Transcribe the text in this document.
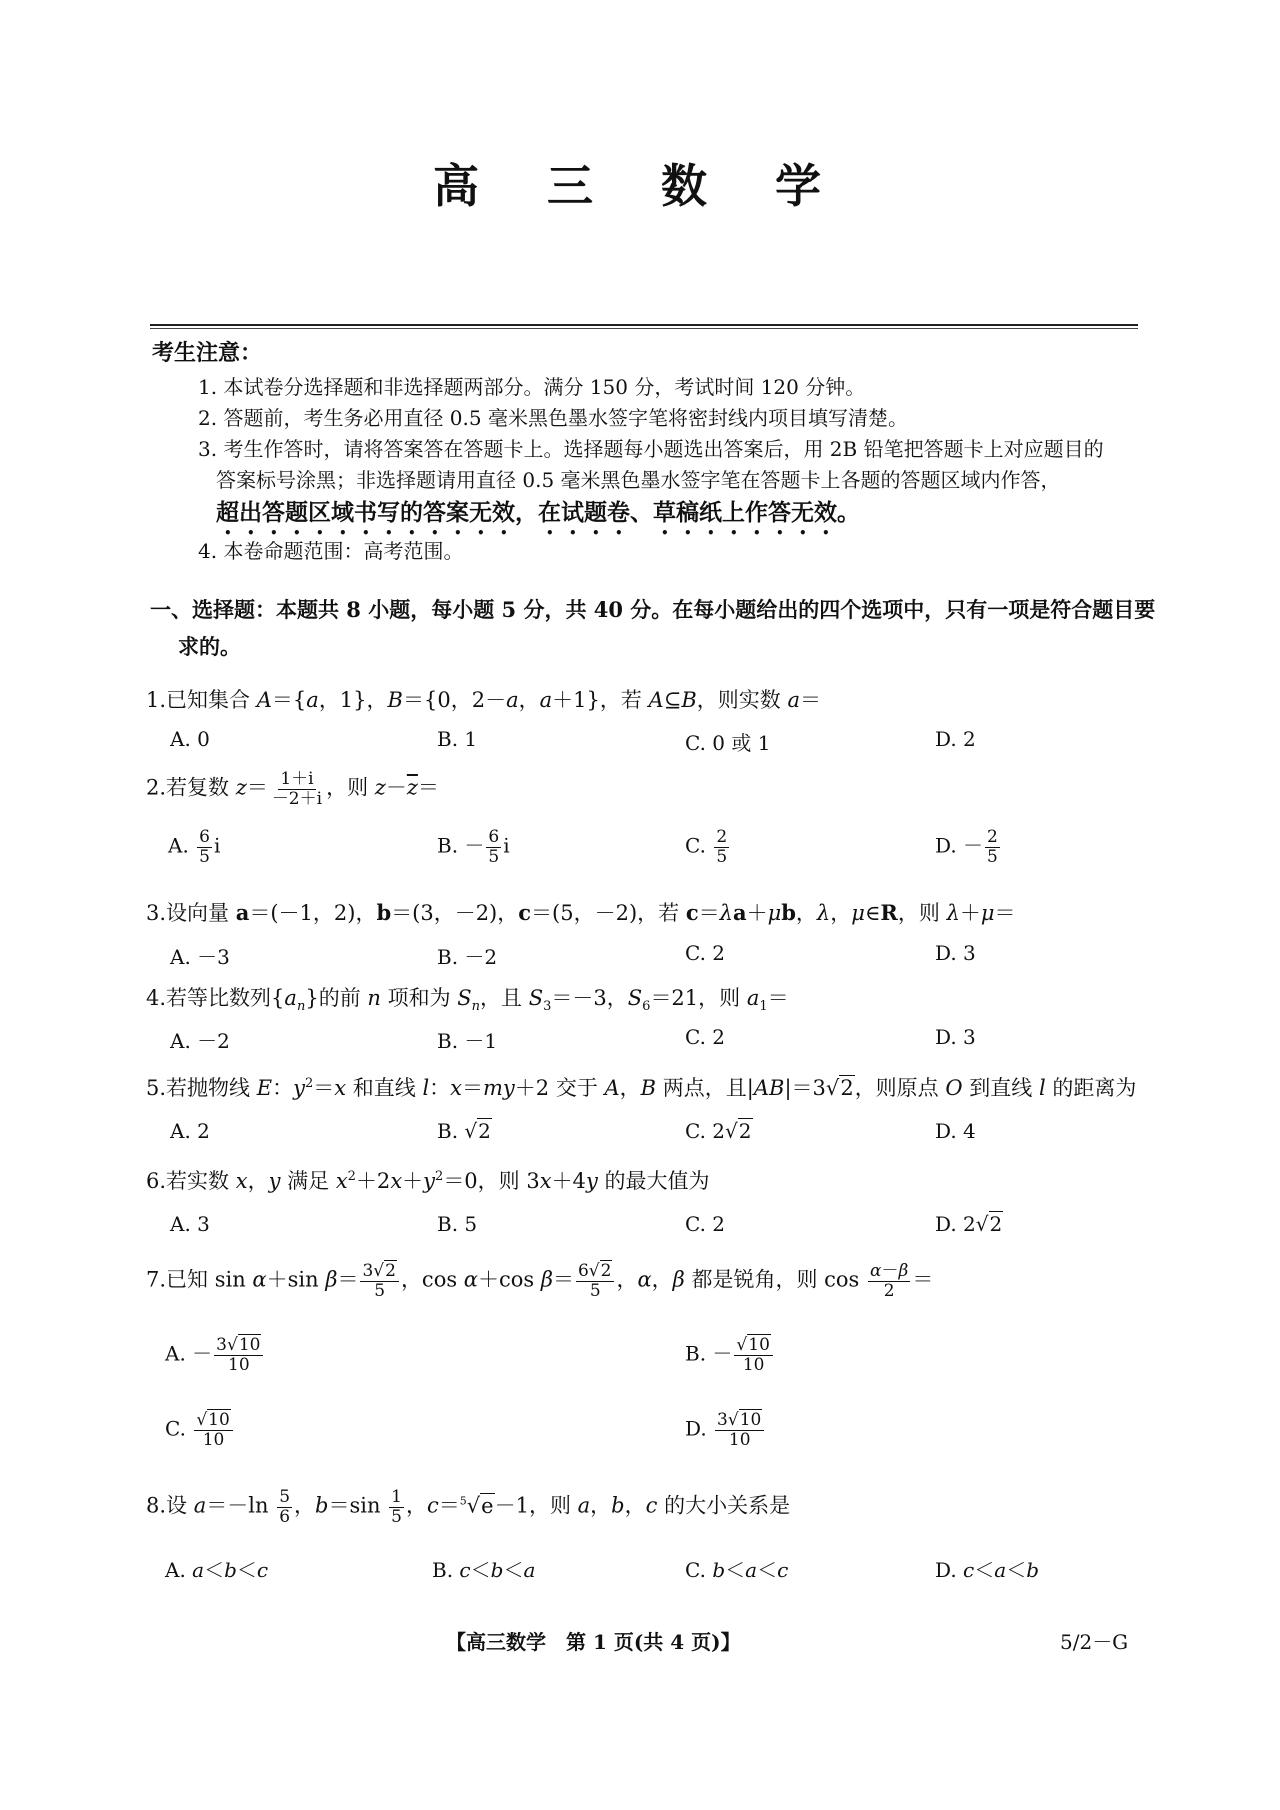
高 三 数 学
考生注意：
1. 本试卷分选择题和非选择题两部分。满分 150 分，考试时间 120 分钟。
2. 答题前，考生务必用直径 0.5 毫米黑色墨水签字笔将密封线内项目填写清楚。
3. 考生作答时，请将答案答在答题卡上。选择题每小题选出答案后，用 2B 铅笔把答题卡上对应题目的
答案标号涂黑；非选择题请用直径 0.5 毫米黑色墨水签字笔在答题卡上各题的答题区域内作答，
超出答题区域书写的答案无效，在试题卷、草稿纸上作答无效。
4. 本卷命题范围：高考范围。
一、选择题：本题共 8 小题，每小题 5 分，共 40 分。在每小题给出的四个选项中，只有一项是符合题目要
求的。
1.已知集合 A＝{a，1}，B＝{0，2－a，a＋1}，若 A⊆B，则实数 a＝
A. 0	B. 1	C. 0 或 1	D. 2
2.若复数 $z= \frac{1+i}{-2+i}$ ，则 $z-\overline{z}=$
A. $\frac{6}{5}$ i	B. － $\frac{6}{5}$ i	C. $\frac{2}{5}$	D. － $\frac{2}{5}$
3.设向量 a＝(－1，2)，b＝(3，－2)，c＝(5，－2)，若 c＝λa＋μb，λ，μ∈R，则 λ＋μ＝
A. －3	B. －2	C. 2	D. 3
4.若等比数列$\{a_n\}$的前 n 项和为 $S_n$，且 $S_3=-3$，$S_6=21$，则 $a_1=$
A. －2	B. －1	C. 2	D. 3
5.若抛物线 E：$y^2=x$ 和直线 l：x＝my＋2 交于 A，B 两点，且|AB|＝3√2，则原点 O 到直线 l 的距离为
A. 2	B. √2	C. 2√2	D. 4
6.若实数 x，y 满足 $x^2+2x+y^2=0$，则 3x＋4y 的最大值为
A. 3	B. 5	C. 2	D. 2√2
7.已知 sin α＋sin $\beta= \frac{3√2}{5}$ ，cos α＋cos $\beta= \frac{6√2}{5}$ ，α，β 都是锐角，则 $\cos \frac{\alpha-\beta}{2}$ ＝
A. － $\frac{3√10}{10}$	B. － $\frac{√10}{10}$
C. $\frac{√10}{10}$	D. $\frac{3√10}{10}$
8.设 $a=-\ln \frac{5}{6}$ ，$b=\sin \frac{1}{5}$ ，c＝$^5$√e－1，则 a，b，c 的大小关系是
A. a＜b＜c	B. c＜b＜a	C. b＜a＜c	D. c＜a＜b
【高三数学　第 1 页(共 4 页)】	5/2－G
